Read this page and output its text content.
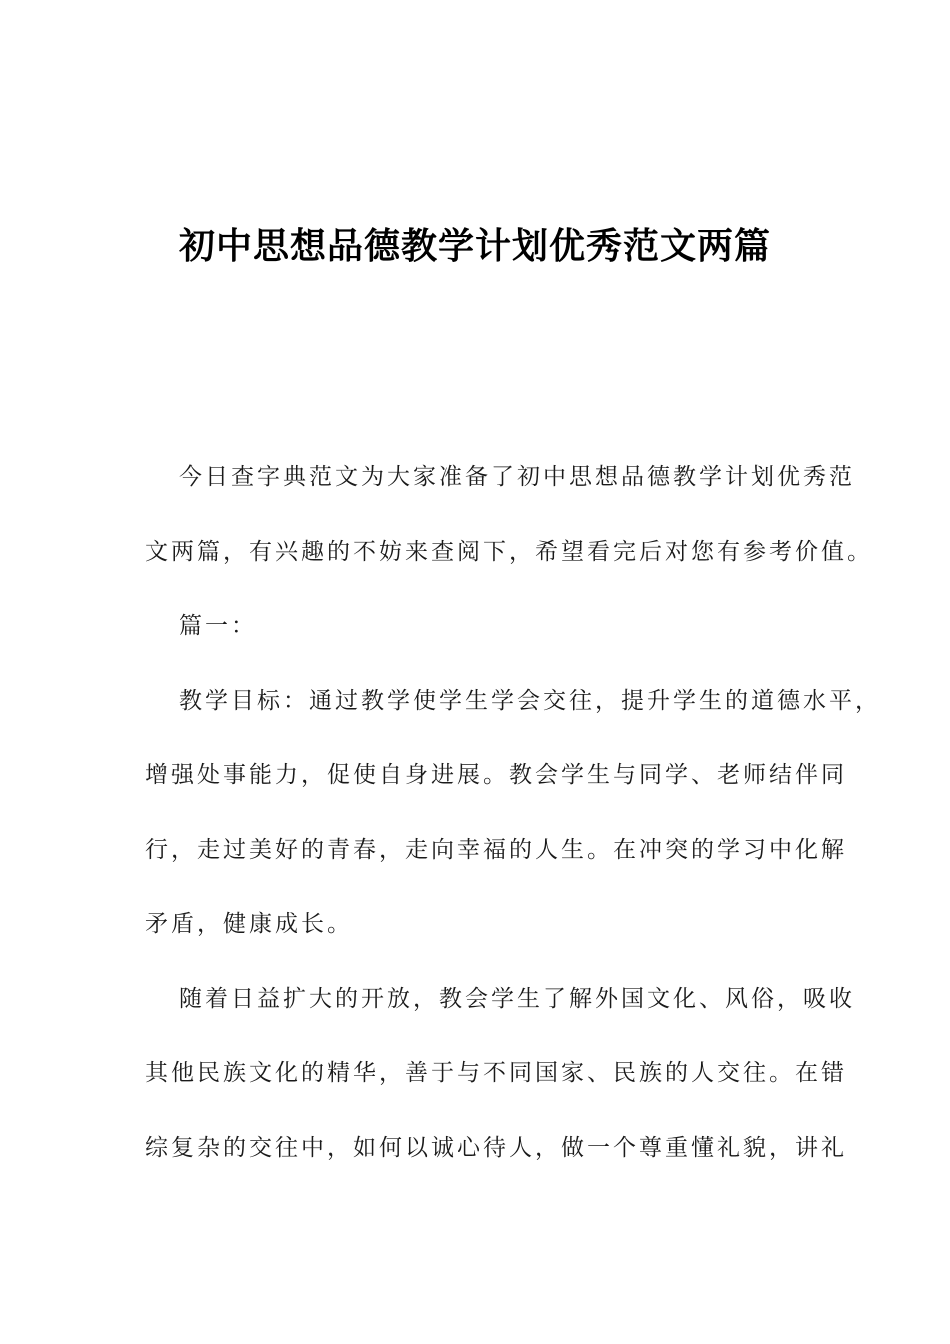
初中思想品德教学计划优秀范文两篇
今日查字典范文为大家准备了初中思想品德教学计划优秀范
文两篇，有兴趣的不妨来查阅下，希望看完后对您有参考价值。
篇一：
教学目标：通过教学使学生学会交往，提升学生的道德水平，
增强处事能力，促使自身进展。教会学生与同学、老师结伴同
行，走过美好的青春，走向幸福的人生。在冲突的学习中化解
矛盾，健康成长。
随着日益扩大的开放，教会学生了解外国文化、风俗，吸收
其他民族文化的精华，善于与不同国家、民族的人交往。在错
综复杂的交往中，如何以诚心待人，做一个尊重懂礼貌，讲礼
